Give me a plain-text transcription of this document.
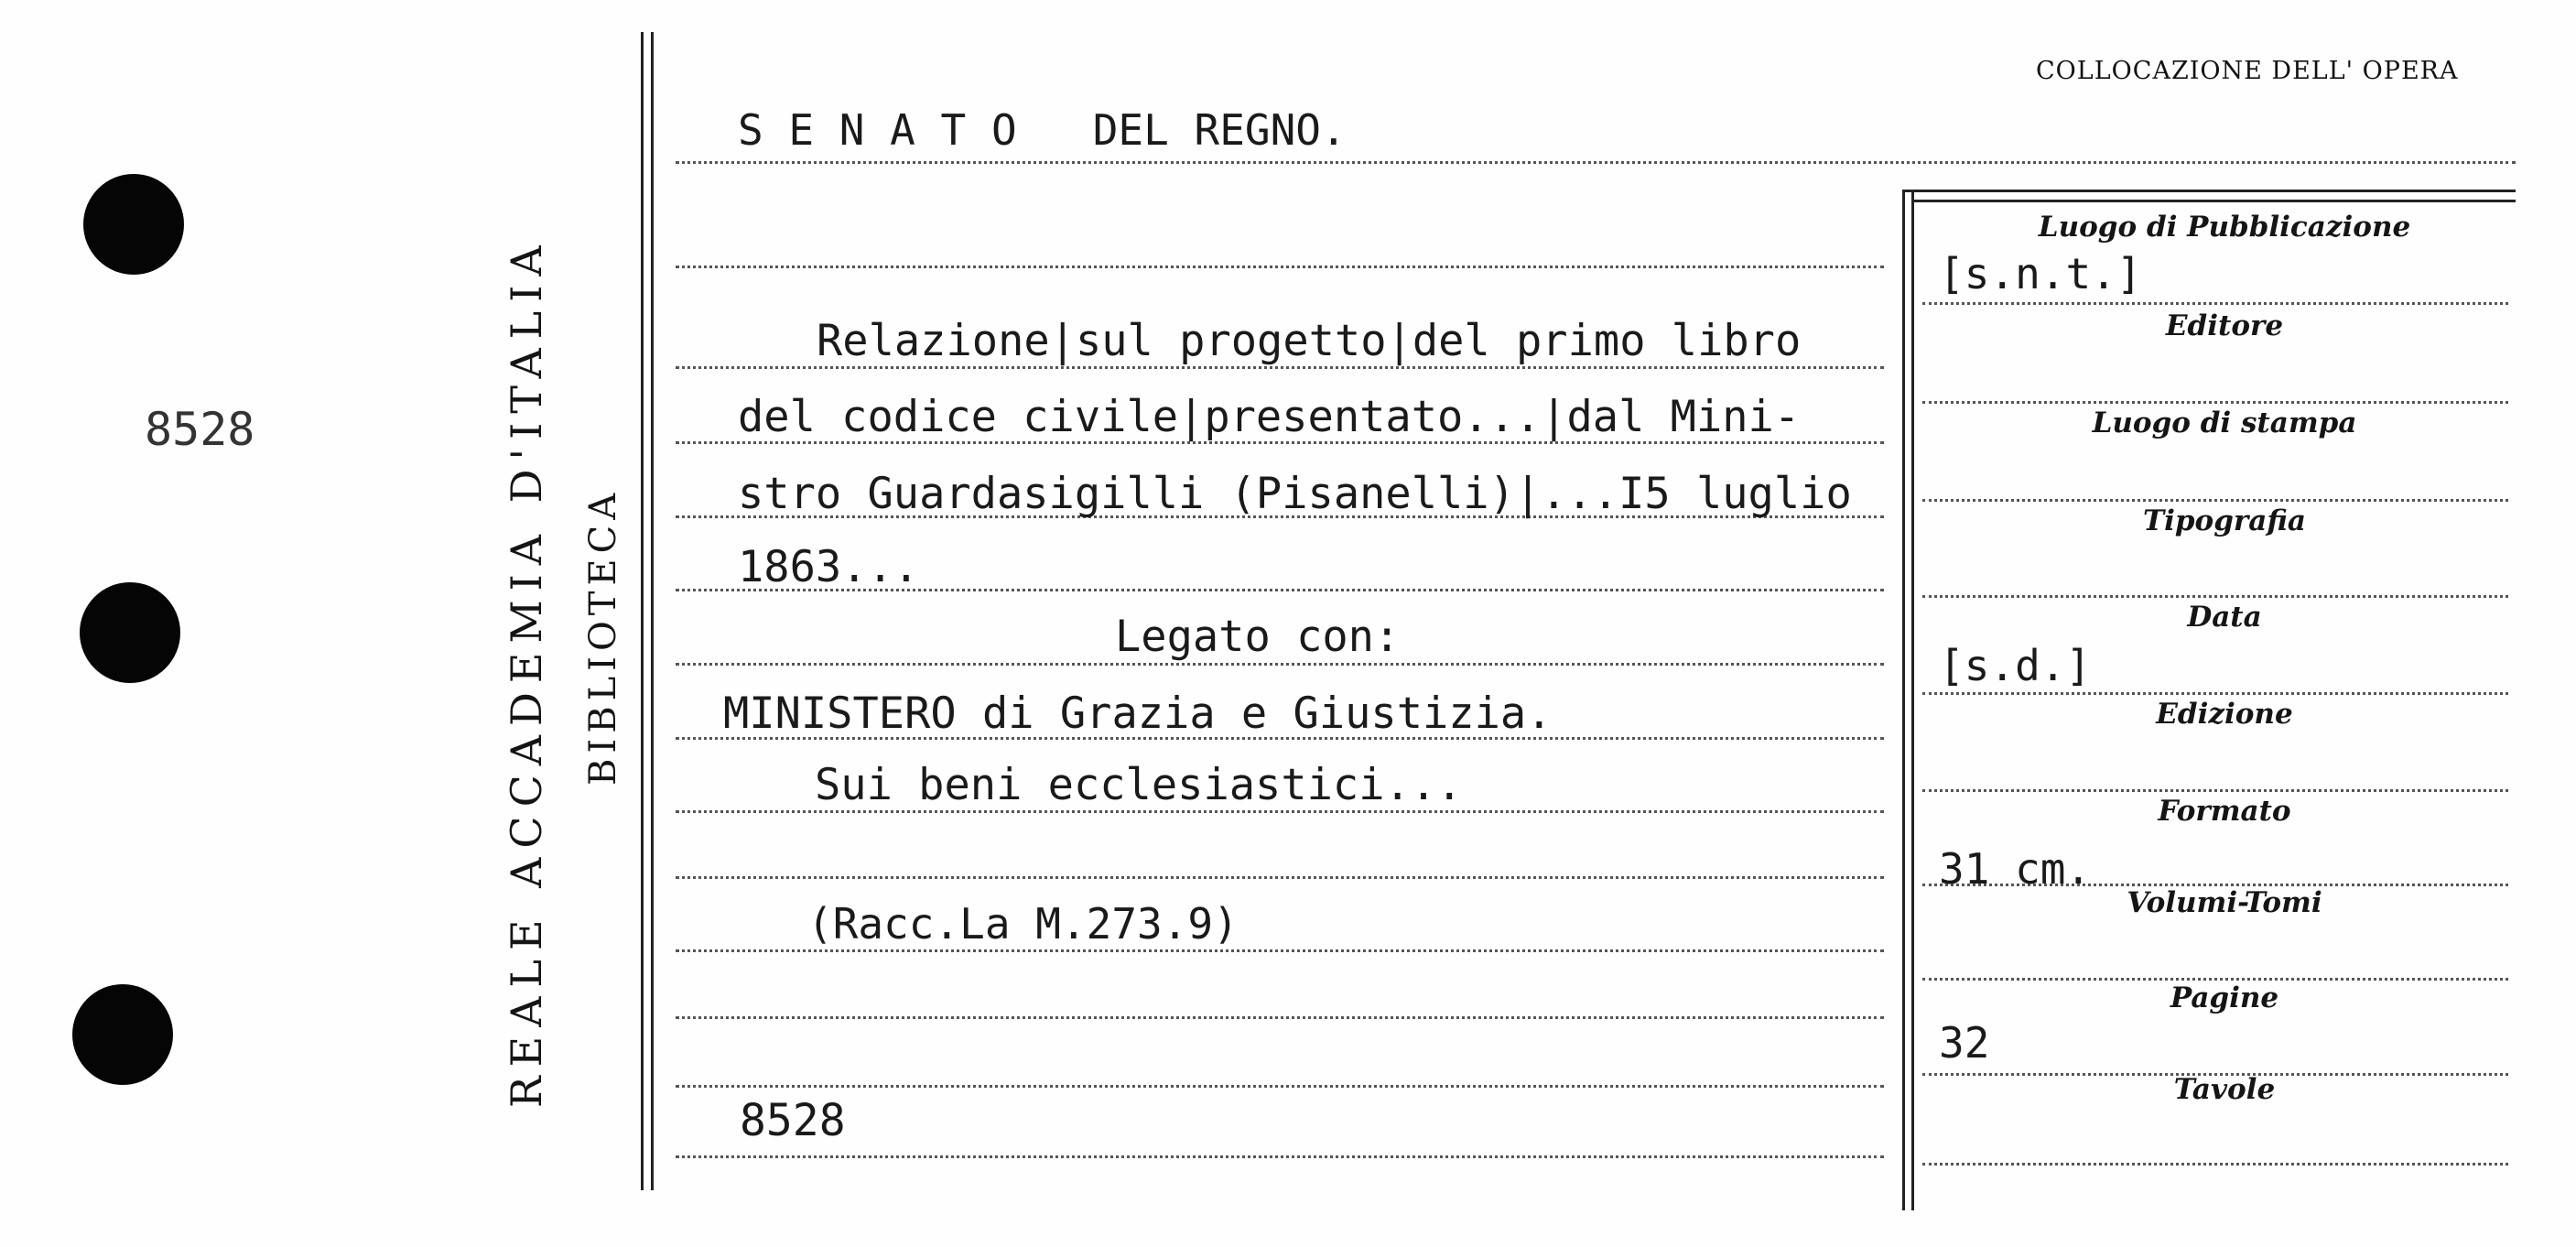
8528	REALE ACCADEMIA D'ITALIA BIBLIOTECA
COLLOCAZIONE DELL' OPERA
S E N A T O   DEL REGNO.
Relazione|sul progetto|del primo libro
del codice civile|presentato...|dal Mini-
stro Guardasigilli (Pisanelli)|...I5 luglio
1863...
Legato con:
MINISTERO di Grazia e Giustizia.
Sui beni ecclesiastici...
(Racc.La M.273.9)
8528
Luogo di Pubblicazione
Editore
Luogo di stampa
Tipografia
Data
Edizione
Formato
Volumi-Tomi
Pagine
Tavole
[s.n.t.]
[s.d.]
31 cm.
32
